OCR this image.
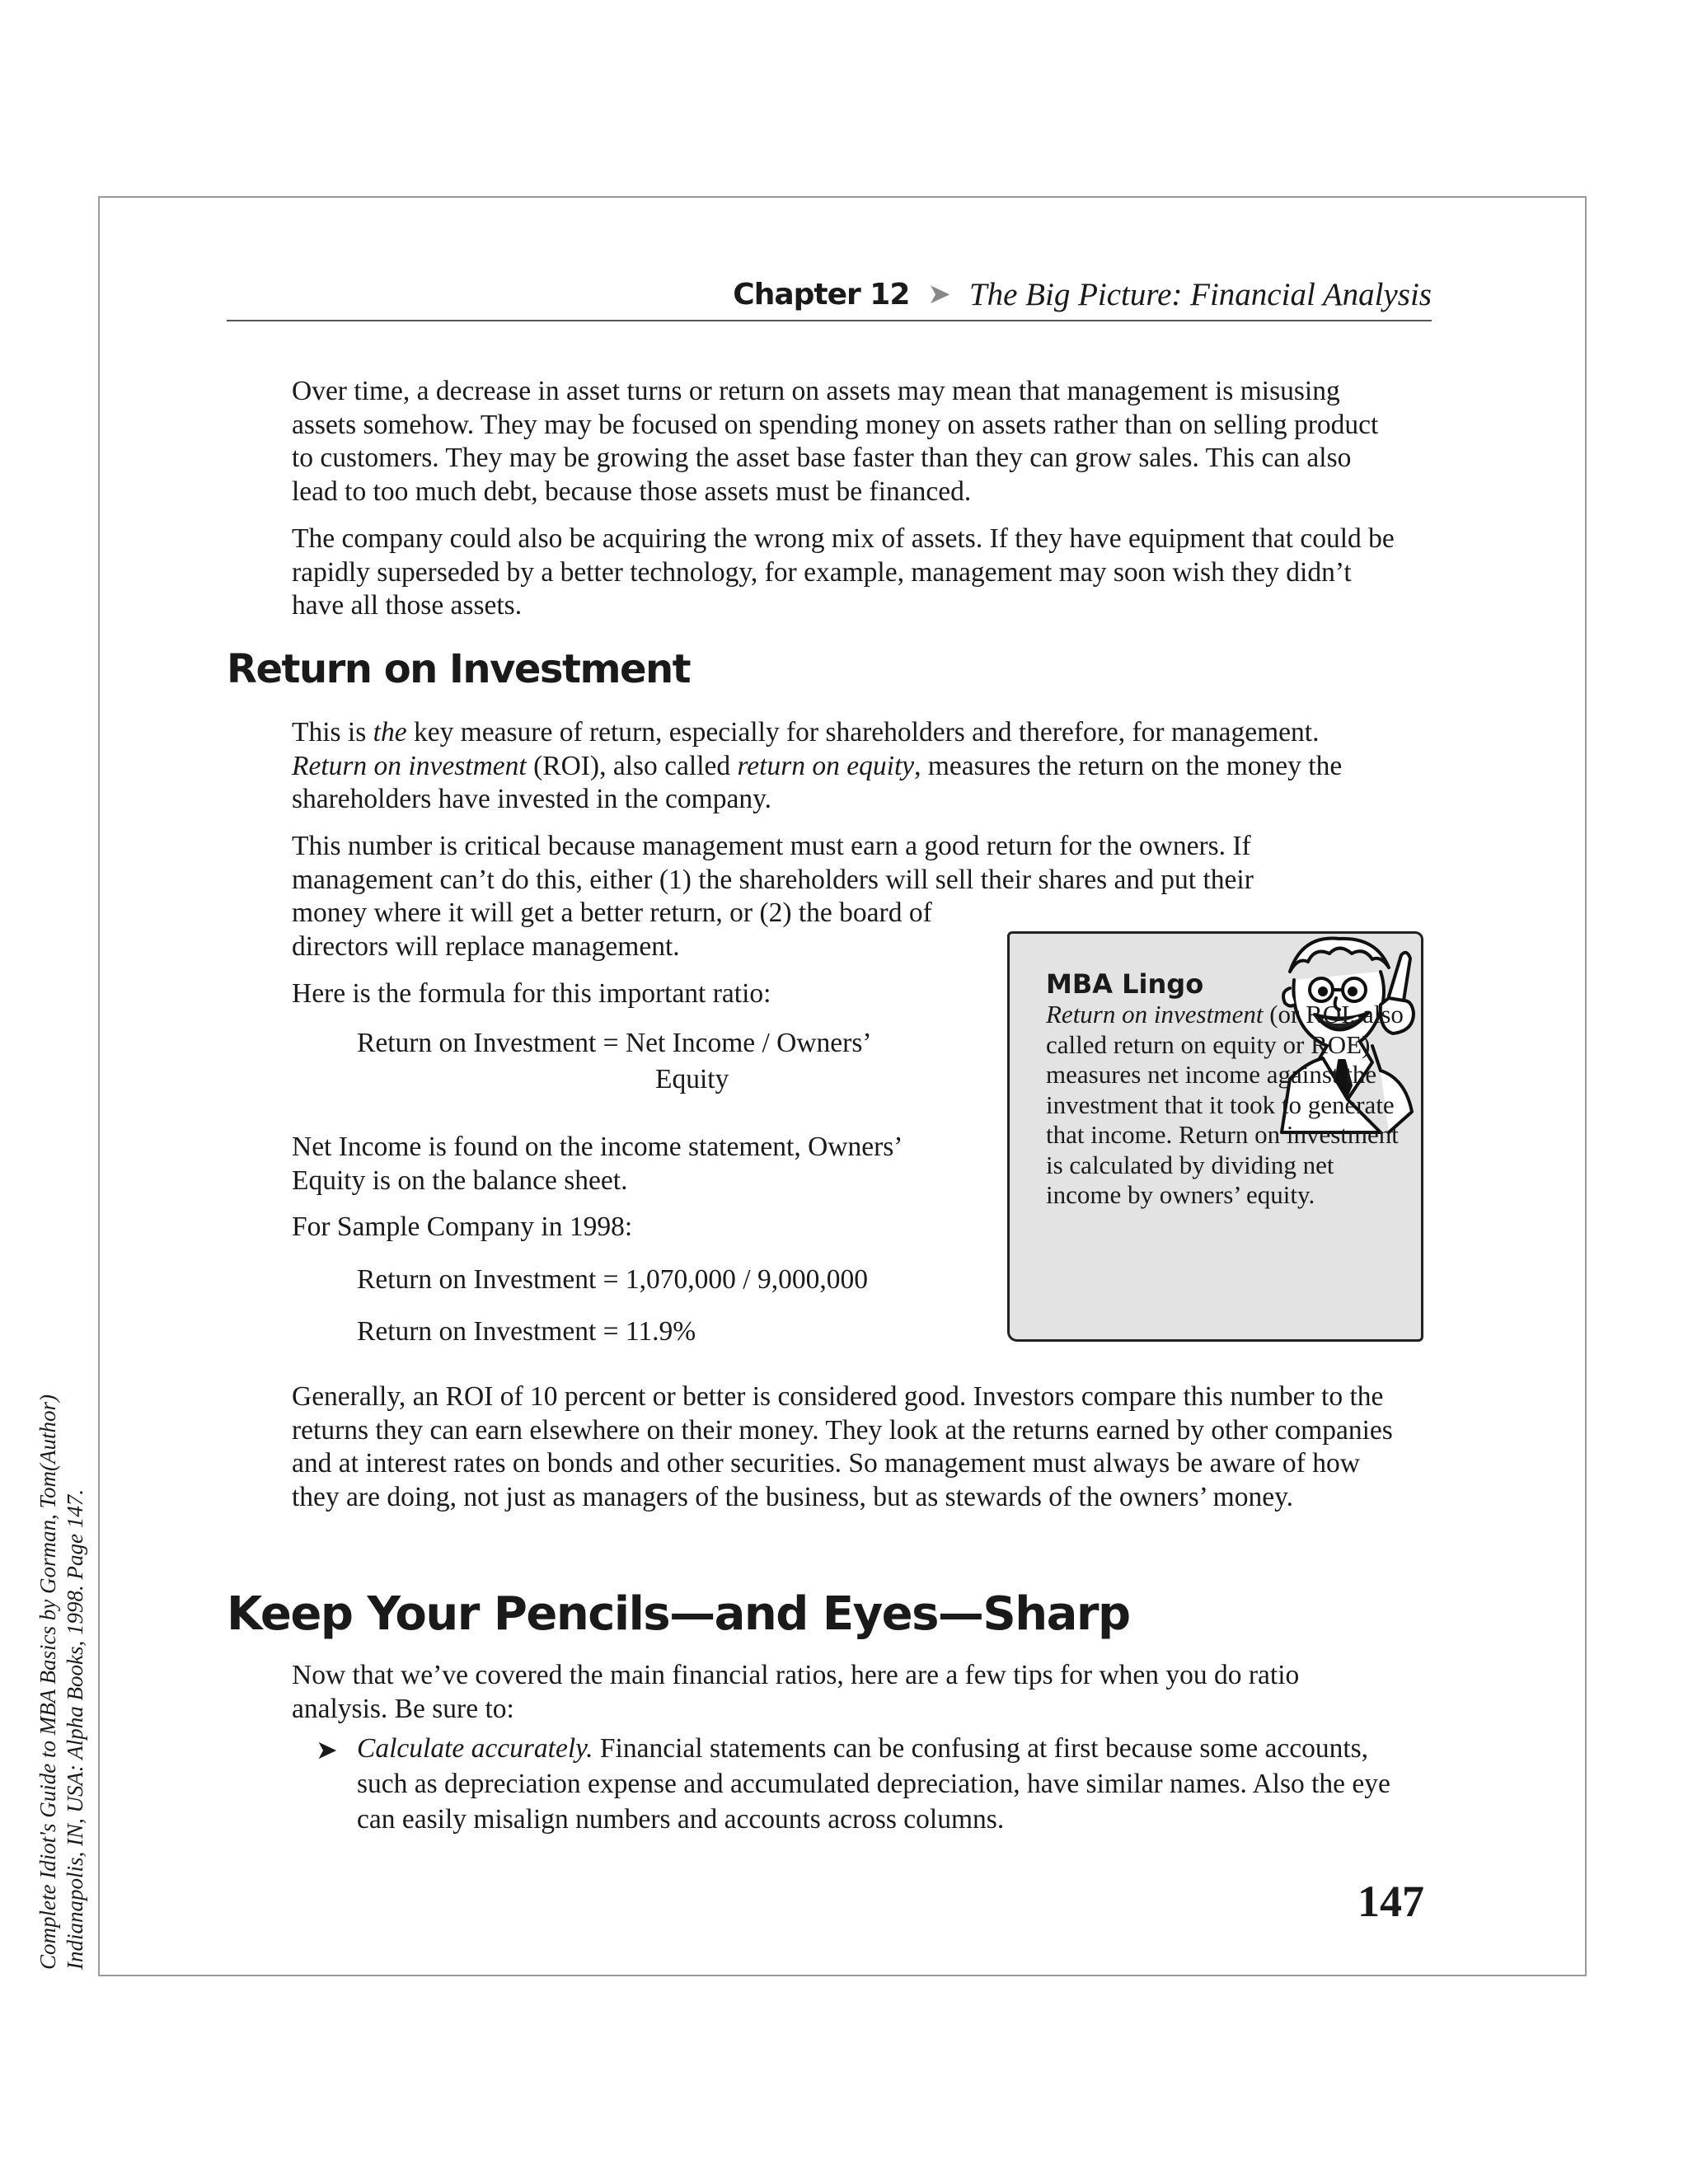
Chapter 12 ➤ The Big Picture: Financial Analysis

Over time, a decrease in asset turns or return on assets may mean that management is misusing assets somehow. They may be focused on spending money on assets rather than on selling product to customers. They may be growing the asset base faster than they can grow sales. This can also lead to too much debt, because those assets must be financed.

The company could also be acquiring the wrong mix of assets. If they have equipment that could be rapidly superseded by a better technology, for example, management may soon wish they didn’t have all those assets.

Return on Investment

This is the key measure of return, especially for shareholders and therefore, for management. Return on investment (ROI), also called return on equity, measures the return on the money the shareholders have invested in the company.

This number is critical because management must earn a good return for the owners. If management can’t do this, either (1) the shareholders will sell their shares and put their

money where it will get a better return, or (2) the board of directors will replace management.

Here is the formula for this important ratio:

Return on Investment = Net Income / Owners’
Equity

Net Income is found on the income statement, Owners’ Equity is on the balance sheet.

For Sample Company in 1998:

Return on Investment = 1,070,000 / 9,000,000
Return on Investment = 11.9%
MBA Lingo
Return on investment (or ROI, also called return on equity or ROE) measures net income against the investment that it took to generate that income. Return on investment is calculated by dividing net income by owners’ equity.

Generally, an ROI of 10 percent or better is considered good. Investors compare this number to the returns they can earn elsewhere on their money. They look at the returns earned by other companies and at interest rates on bonds and other securities. So management must always be aware of how they are doing, not just as managers of the business, but as stewards of the owners’ money.

Keep Your Pencils—and Eyes—Sharp

Now that we’ve covered the main financial ratios, here are a few tips for when you do ratio analysis. Be sure to:

➤ Calculate accurately. Financial statements can be confusing at first because some accounts, such as depreciation expense and accumulated depreciation, have similar names. Also the eye can easily misalign numbers and accounts across columns.

147
Complete Idiot's Guide to MBA Basics by Gorman, Tom(Author) Indianapolis, IN, USA: Alpha Books, 1998. Page 147.
